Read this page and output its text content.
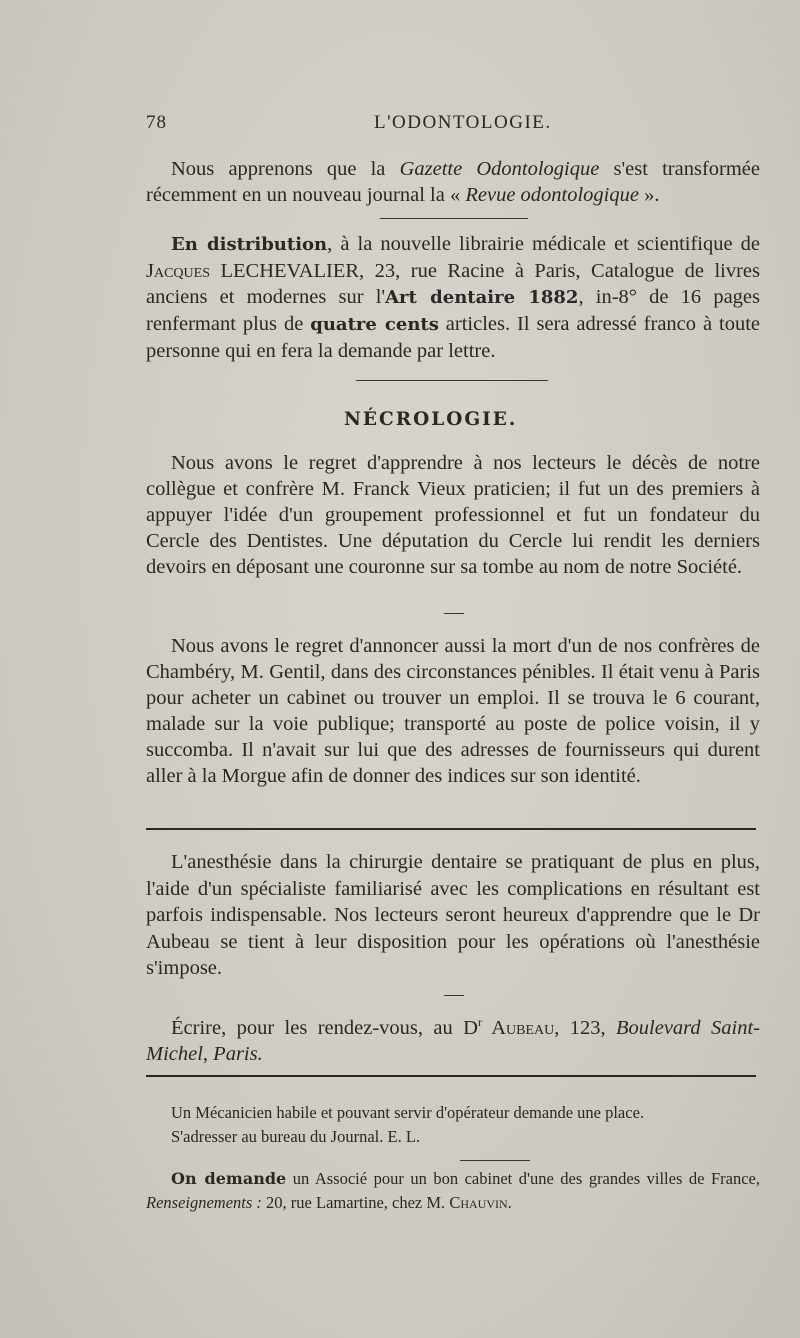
78	L'ODONTOLOGIE.

Nous apprenons que la Gazette Odontologique s'est transformée récemment en un nouveau journal la « Revue odontologique ».

En distribution, à la nouvelle librairie médicale et scientifique de Jacques LECHEVALIER, 23, rue Racine à Paris, Catalogue de livres anciens et modernes sur l'Art dentaire 1882, in-8° de 16 pages renfermant plus de quatre cents articles. Il sera adressé franco à toute personne qui en fera la demande par lettre.

NÉCROLOGIE.

Nous avons le regret d'apprendre à nos lecteurs le décès de notre collègue et confrère M. Franck Vieux praticien; il fut un des premiers à appuyer l'idée d'un groupement professionnel et fut un fondateur du Cercle des Dentistes. Une députation du Cercle lui rendit les derniers devoirs en déposant une couronne sur sa tombe au nom de notre Société.

Nous avons le regret d'annoncer aussi la mort d'un de nos confrères de Chambéry, M. Gentil, dans des circonstances pénibles. Il était venu à Paris pour acheter un cabinet ou trouver un emploi. Il se trouva le 6 courant, malade sur la voie publique; transporté au poste de police voisin, il y succomba. Il n'avait sur lui que des adresses de fournisseurs qui durent aller à la Morgue afin de donner des indices sur son identité.

L'anesthésie dans la chirurgie dentaire se pratiquant de plus en plus, l'aide d'un spécialiste familiarisé avec les complications en résultant est parfois indispensable. Nos lecteurs seront heureux d'apprendre que le Dr Aubeau se tient à leur disposition pour les opérations où l'anesthésie s'impose.

Écrire, pour les rendez-vous, au $D^r$ Aubeau, 123, Boulevard Saint-Michel, Paris.

Un Mécanicien habile et pouvant servir d'opérateur demande une place.

S'adresser au bureau du Journal. E. L.

On demande un Associé pour un bon cabinet d'une des grandes villes de France, Renseignements : 20, rue Lamartine, chez M. Chauvin.
